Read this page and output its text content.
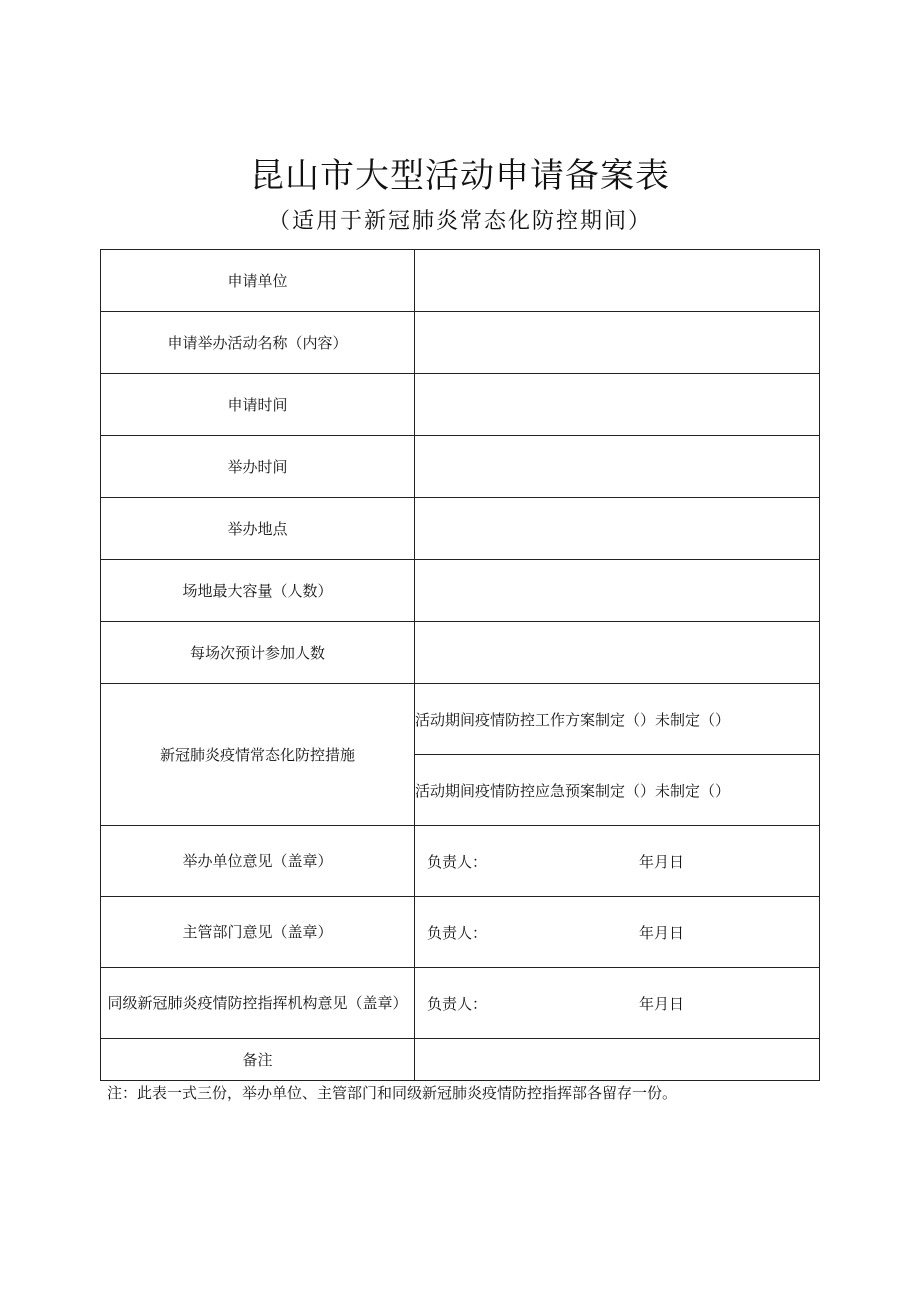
昆山市大型活动申请备案表

（适用于新冠肺炎常态化防控期间）

申请单位	
申请举办活动名称（内容）	
申请时间	
举办时间	
举办地点	
场地最大容量（人数）	
每场次预计参加人数	
新冠肺炎疫情常态化防控措施	活动期间疫情防控工作方案制定（）未制定（）
	活动期间疫情防控应急预案制定（）未制定（）
举办单位意见（盖章）	负责人： 年月日

主管部门意见（盖章）	负责人： 年月日

同级新冠肺炎疫情防控指挥机构意见（盖章）	负责人： 年月日

备注	

注：此表一式三份，举办单位、主管部门和同级新冠肺炎疫情防控指挥部各留存一份。
